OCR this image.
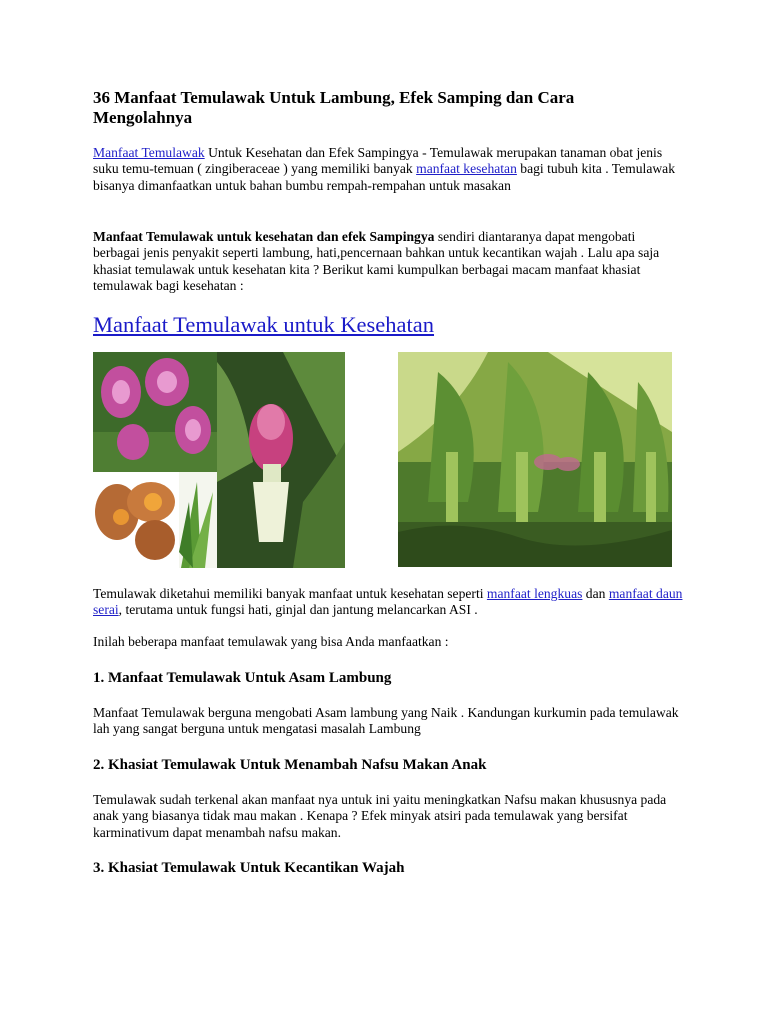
36 Manfaat Temulawak Untuk Lambung, Efek Samping dan Cara Mengolahnya

Manfaat Temulawak Untuk Kesehatan dan Efek Sampingya - Temulawak merupakan tanaman obat jenis suku temu-temuan ( zingiberaceae ) yang memiliki banyak manfaat kesehatan bagi tubuh kita . Temulawak bisanya dimanfaatkan untuk bahan bumbu rempah-rempahan untuk masakan

Manfaat Temulawak untuk kesehatan dan efek Sampingya sendiri diantaranya dapat mengobati berbagai jenis penyakit seperti lambung, hati,pencernaan bahkan untuk kecantikan wajah . Lalu apa saja khasiat temulawak untuk kesehatan kita ? Berikut kami kumpulkan berbagai macam manfaat khasiat temulawak bagi kesehatan :

Manfaat Temulawak untuk Kesehatan

Temulawak diketahui memiliki banyak manfaat untuk kesehatan seperti manfaat lengkuas dan manfaat daun serai, terutama untuk fungsi hati, ginjal dan jantung melancarkan ASI .

Inilah beberapa manfaat temulawak yang bisa Anda manfaatkan :

1. Manfaat Temulawak Untuk Asam Lambung

Manfaat Temulawak berguna mengobati Asam lambung yang Naik . Kandungan kurkumin pada temulawak lah yang sangat berguna untuk mengatasi masalah Lambung

2. Khasiat Temulawak Untuk Menambah Nafsu Makan Anak

Temulawak sudah terkenal akan manfaat nya untuk ini yaitu meningkatkan Nafsu makan khususnya pada anak yang biasanya tidak mau makan . Kenapa ? Efek minyak atsiri pada temulawak yang bersifat karminativum dapat menambah nafsu makan.

3. Khasiat Temulawak Untuk Kecantikan Wajah
